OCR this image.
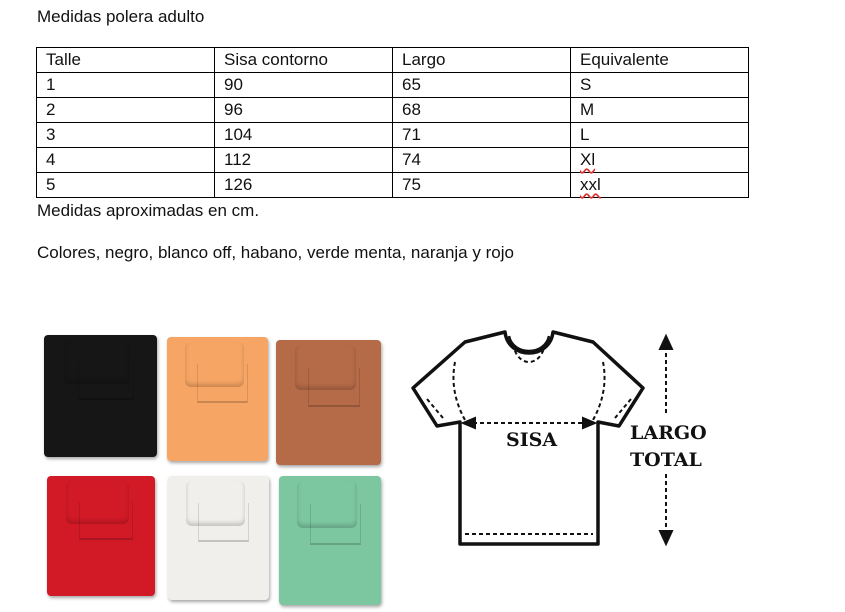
Medidas polera adulto
Talle	Sisa contorno	Largo	Equivalente
1	90	65	S
2	96	68	M
3	104	71	L
4	112	74	Xl
5	126	75	xxl
Medidas aproximadas en cm.
Colores, negro, blanco off, habano, verde menta, naranja y rojo
SISA	LARGO
TOTAL
